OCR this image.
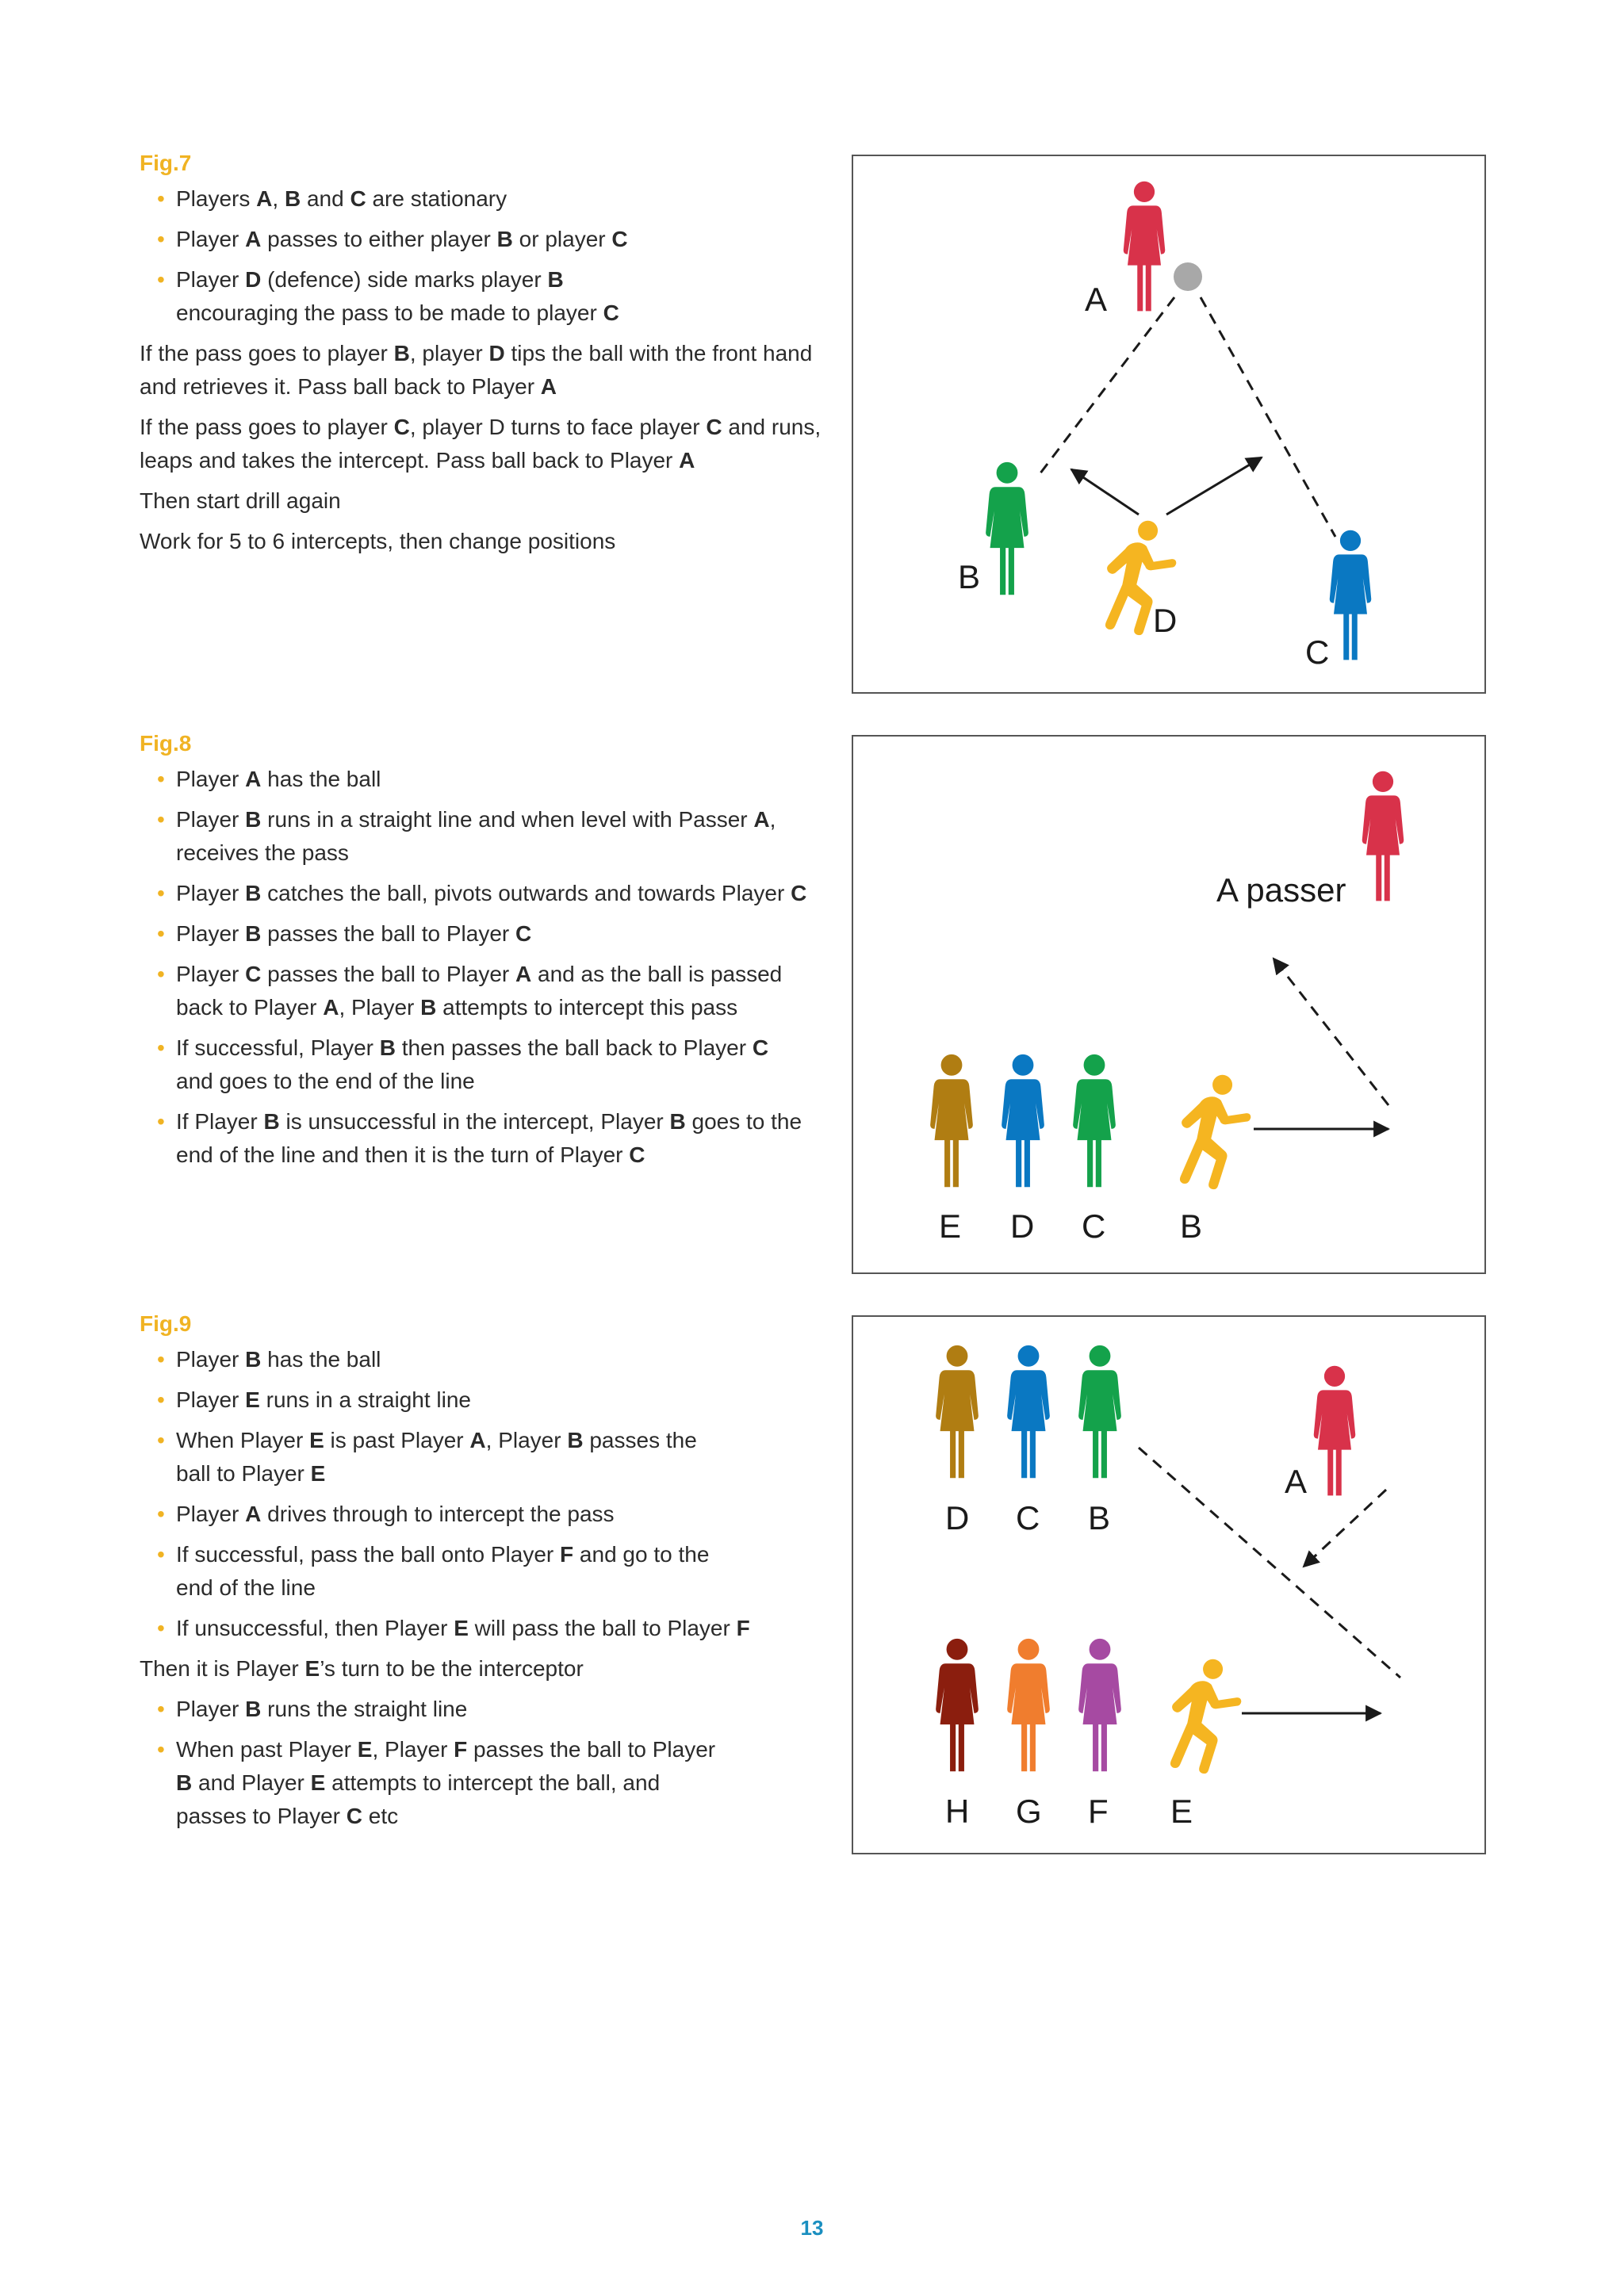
Fig.7
• Players A, B and C are stationary
• Player A passes to either player B or player C
• Player D (defence) side marks player B encouraging the pass to be made to player C

If the pass goes to player B, player D tips the ball with the front hand and retrieves it. Pass ball back to Player A

If the pass goes to player C, player D turns to face player C and runs, leaps and takes the intercept. Pass ball back to Player A

Then start drill again

Work for 5 to 6 intercepts, then change positions

A
B
D
C
Fig.8
• Player A has the ball
• Player B runs in a straight line and when level with Passer A, receives the pass
• Player B catches the ball, pivots outwards and towards Player C
• Player B passes the ball to Player C
• Player C passes the ball to Player A and as the ball is passed back to Player A, Player B attempts to intercept this pass
• If successful, Player B then passes the ball back to Player C and goes to the end of the line
• If Player B is unsuccessful in the intercept, Player B goes to the end of the line and then it is the turn of Player C
A passer
E D C B
Fig.9
• Player B has the ball
• Player E runs in a straight line
• When Player E is past Player A, Player B passes the ball to Player E
• Player A drives through to intercept the pass
• If successful, pass the ball onto Player F and go to the end of the line
• If unsuccessful, then Player E will pass the ball to Player F

Then it is Player E’s turn to be the interceptor

• Player B runs the straight line
• When past Player E, Player F passes the ball to Player B and Player E attempts to intercept the ball, and passes to Player C etc
D C B
A
H G F E
13
